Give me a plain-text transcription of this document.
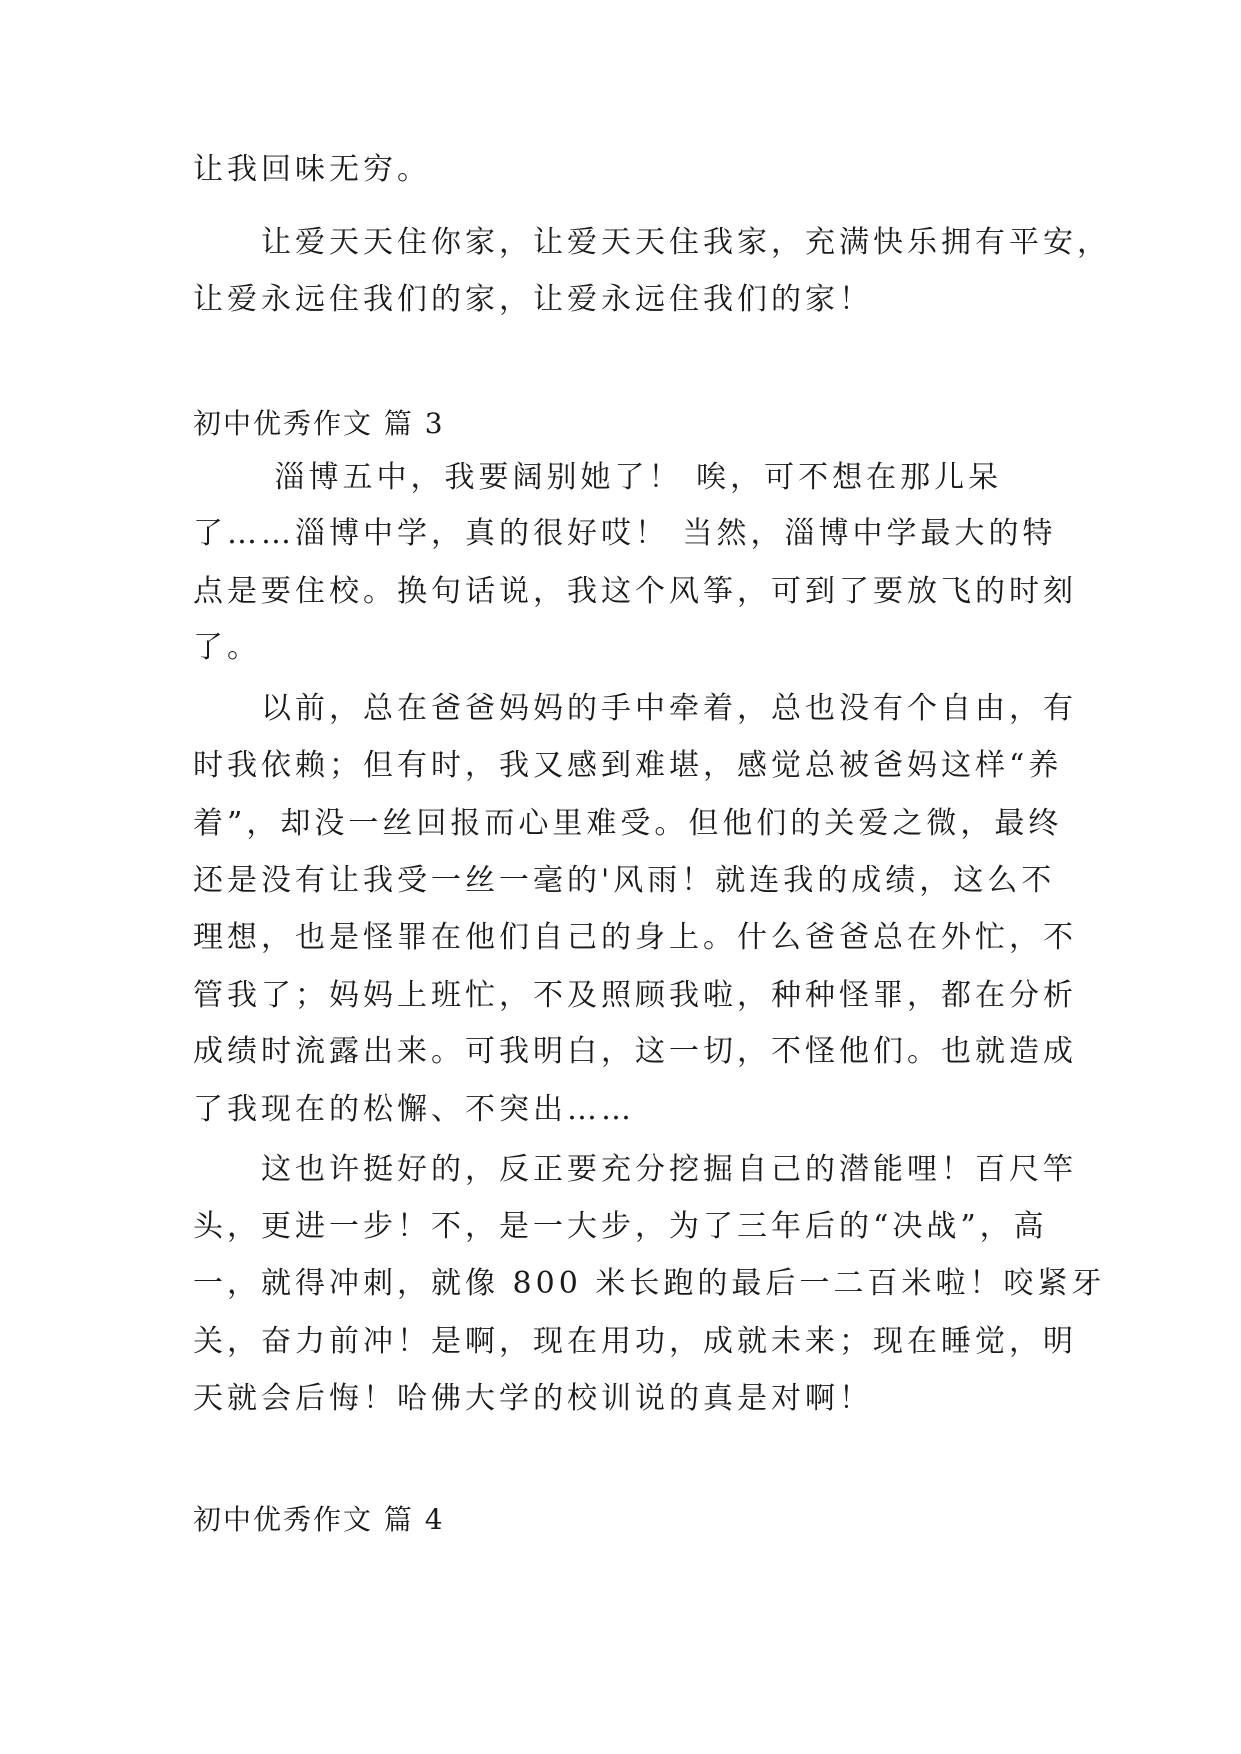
让我回味无穷。
　　让爱天天住你家，让爱天天住我家，充满快乐拥有平安，
让爱永远住我们的家，让爱永远住我们的家！
初中优秀作文 篇 3
　　 淄博五中，我要阔别她了！ 唉，可不想在那儿呆
了……淄博中学，真的很好哎！ 当然，淄博中学最大的特
点是要住校。换句话说，我这个风筝，可到了要放飞的时刻
了。
　　以前，总在爸爸妈妈的手中牵着，总也没有个自由，有
时我依赖；但有时，我又感到难堪，感觉总被爸妈这样“养
着”，却没一丝回报而心里难受。但他们的关爱之微，最终
还是没有让我受一丝一毫的'风雨！就连我的成绩，这么不
理想，也是怪罪在他们自己的身上。什么爸爸总在外忙，不
管我了；妈妈上班忙，不及照顾我啦，种种怪罪，都在分析
成绩时流露出来。可我明白，这一切，不怪他们。也就造成
了我现在的松懈、不突出……
　　这也许挺好的，反正要充分挖掘自己的潜能哩！百尺竿
头，更进一步！不，是一大步，为了三年后的“决战”，高
一，就得冲刺，就像 800 米长跑的最后一二百米啦！咬紧牙
关，奋力前冲！是啊，现在用功，成就未来；现在睡觉，明
天就会后悔！哈佛大学的校训说的真是对啊！
初中优秀作文 篇 4
